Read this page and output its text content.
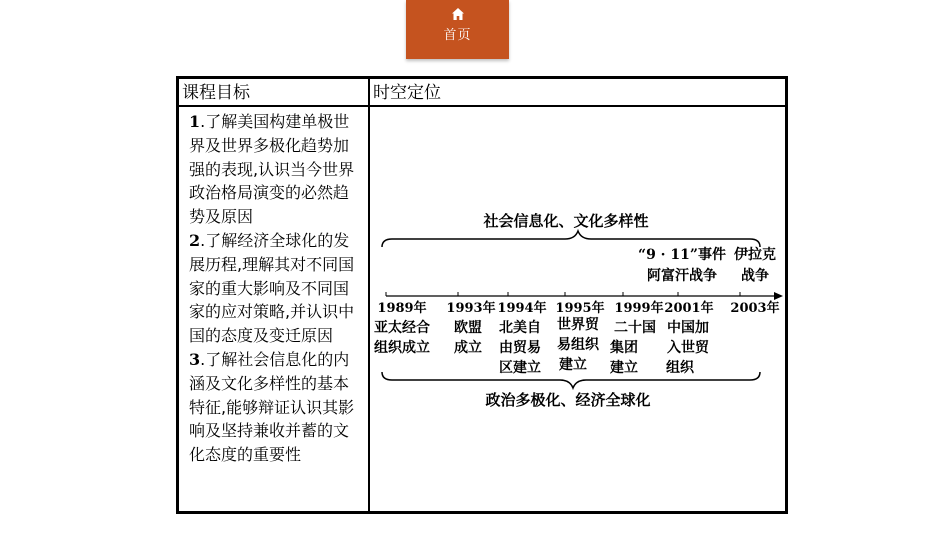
首页
课程目标	时空定位

1.了解美国构建单极世界及世界多极化趋势加强的表现,认识当今世界政治格局演变的必然趋势及原因

2.了解经济全球化的发展历程,理解其对不同国家的重大影响及不同国家的应对策略,并认识中国的态度及变迁原因

3.了解社会信息化的内涵及文化多样性的基本特征,能够辩证认识其影响及坚持兼收并蓄的文化态度的重要性

社会信息化、文化多样性
“9 · 11”事件
阿富汗战争
伊拉克
战争
1989年 1993年 1994年 1995年 1999年 2001年 2003年
亚太经合
组织成立
欧盟
成立
北美自
由贸易
区建立
世界贸
易组织
建立
二十国
集团
建立
中国加
入世贸
组织
政治多极化、经济全球化
